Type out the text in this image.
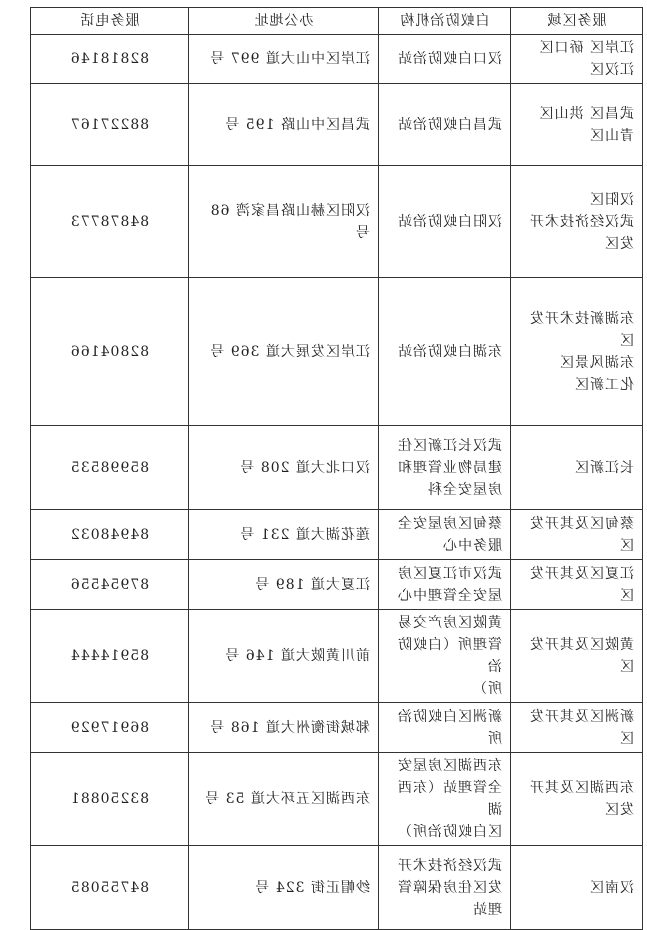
服务区域	白蚁防治机构	办公地址	服务电话

江岸区 硚口区 江汉区	汉口白蚁防治站	江岸区中山大道 997 号	82818146

武昌区 洪山区 青山区	武昌白蚁防治站	武昌区中山路 195 号	88227167

汉阳区
武汉经济技术开发区	汉阳白蚁防治站	汉阳区赫山路昌家湾 68
号	84878773

东湖新技术开发区
东湖风景区
化工新区	东湖白蚁防治站	江岸区发展大道 369 号	82804166

长江新区	武汉长江新区住
建局物业管理和
房屋安全科	汉口北大道 208 号	85998535

蔡甸区及其开发区	蔡甸区房屋安全
服务中心	莲花湖大道 231 号	84948032

江夏区及其开发区	武汉市江夏区房
屋安全管理中心	江夏大道 189 号	87954556

黄陂区及其开发区	黄陂区房产交易
管理所（白蚁防治
所）	前川黄陂大道 146 号	85914444

新洲区及其开发区	新洲区白蚁防治
所	邾城街衡州大道 168 号	86917929

东西湖区及其开发区	东西湖区房屋安
全管理站（东西湖
区白蚁防治所）	东西湖区五环大道 53 号	83250881

汉南区	武汉经济技术开
发区住房保障管
理站	纱帽正街 324 号	84755085
